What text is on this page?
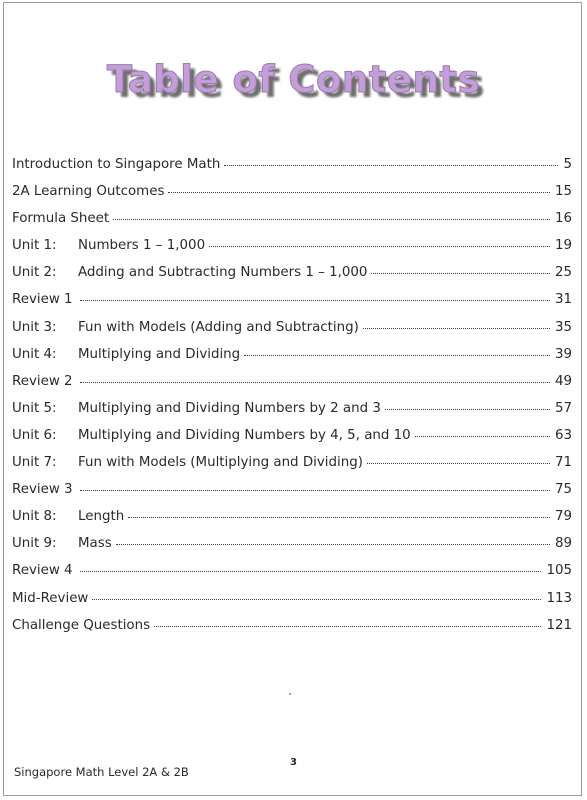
Table of Contents
Introduction to Singapore Math	5
2A Learning Outcomes	15
Formula Sheet	16
Unit 1:	Numbers 1 – 1,000	19
Unit 2:	Adding and Subtracting Numbers 1 – 1,000	25
Review 1	31
Unit 3:	Fun with Models (Adding and Subtracting)	35
Unit 4:	Multiplying and Dividing	39
Review 2	49
Unit 5:	Multiplying and Dividing Numbers by 2 and 3	57
Unit 6:	Multiplying and Dividing Numbers by 4, 5, and 10	63
Unit 7:	Fun with Models (Multiplying and Dividing)	71
Review 3	75
Unit 8:	Length	79
Unit 9:	Mass	89
Review 4	105
Mid-Review	113
Challenge Questions	121
3
Singapore Math Level 2A & 2B
